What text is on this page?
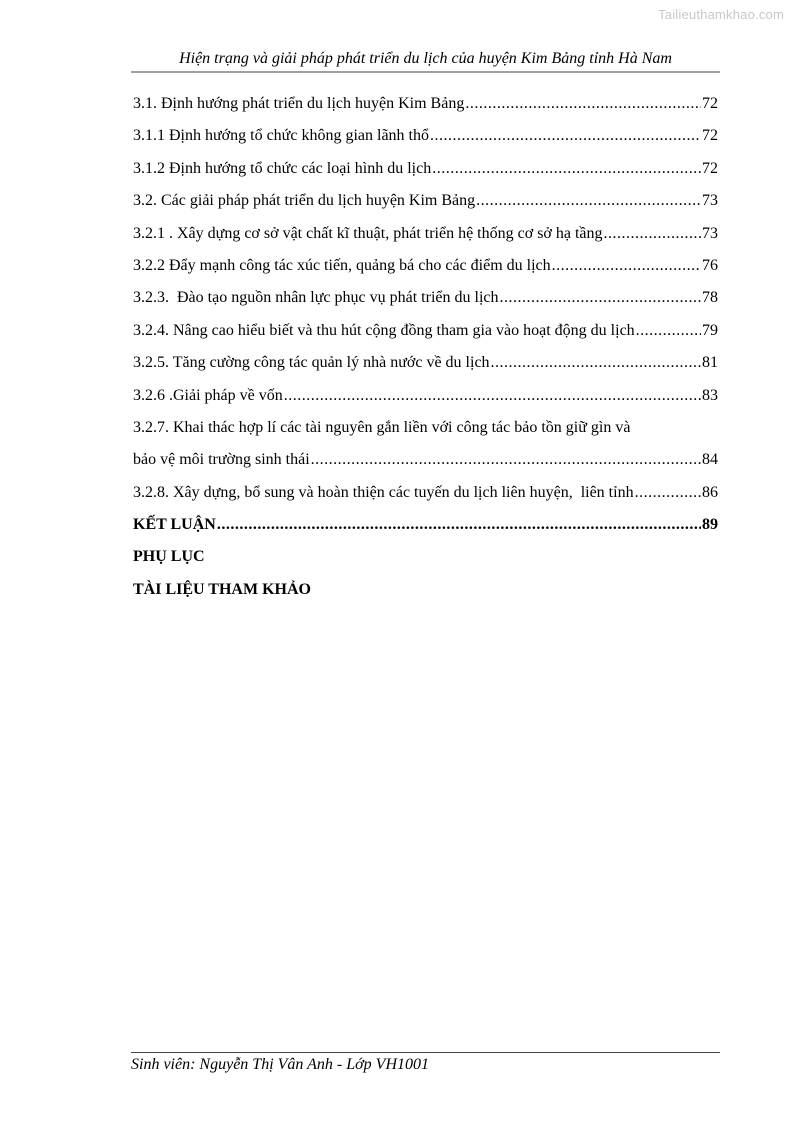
Tailieuthamkhao.com
Hiện trạng và giải pháp phát triển du lịch của huyện Kim Bảng tỉnh Hà Nam
3.1. Định hướng phát triển du lịch huyện Kim Bảng .....	72
3.1.1 Định hướng tổ chức không gian lãnh thổ .....	72
3.1.2 Định hướng tổ chức các loại hình du lịch .....	72
3.2. Các giải pháp phát triển du lịch huyện Kim Bảng .....	73
3.2.1 . Xây dựng cơ sở vật chất kĩ thuật, phát triển hệ thống cơ sở hạ tầng .....	73
3.2.2 Đẩy mạnh công tác xúc tiến, quảng bá cho các điểm du lịch .....	76
3.2.3.  Đào tạo nguồn nhân lực phục vụ phát triển du lịch .....	78
3.2.4. Nâng cao hiểu biết và thu hút cộng đồng tham gia vào hoạt động du lịch .....	79
3.2.5. Tăng cường công tác quản lý nhà nước về du lịch .....	81
3.2.6 .Giải pháp về vốn .....	83
3.2.7. Khai thác hợp lí các tài nguyên gắn liền với công tác bảo tồn giữ gìn và
bảo vệ môi trường sinh thái .....	84
3.2.8. Xây dựng, bổ sung và hoàn thiện các tuyến du lịch liên huyện,  liên tỉnh .....	86
KẾT LUẬN .....	89
PHỤ LỤC
TÀI LIỆU THAM KHẢO
Sinh viên: Nguyễn Thị Vân Anh - Lớp VH1001
